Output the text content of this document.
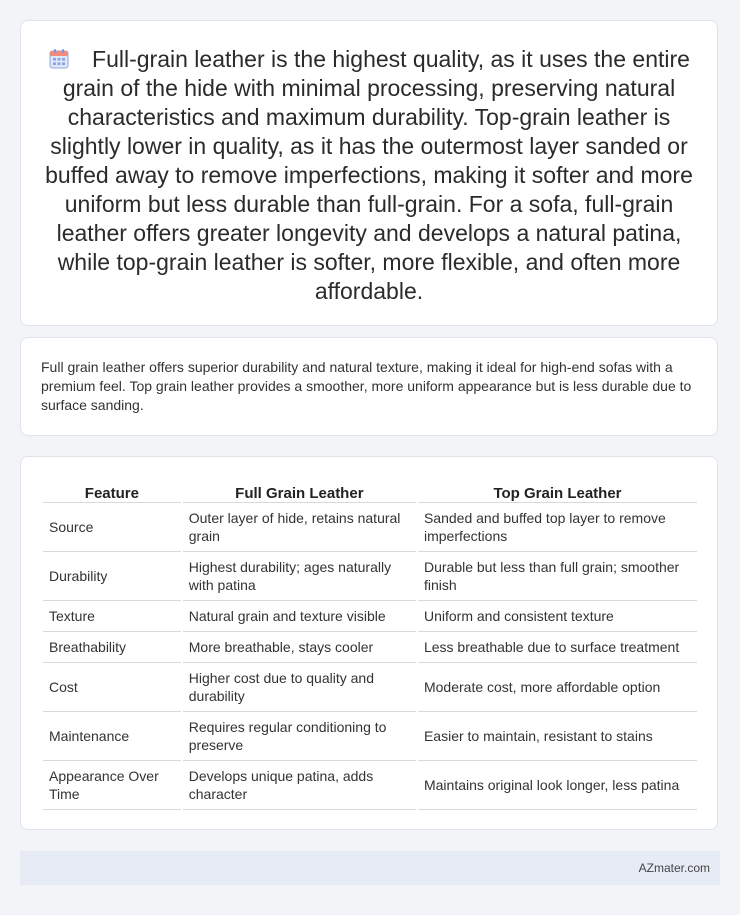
Full-grain leather is the highest quality, as it uses the entire grain of the hide with minimal processing, preserving natural characteristics and maximum durability. Top-grain leather is slightly lower in quality, as it has the outermost layer sanded or buffed away to remove imperfections, making it softer and more uniform but less durable than full-grain. For a sofa, full-grain leather offers greater longevity and develops a natural patina, while top-grain leather is softer, more flexible, and often more affordable.

Full grain leather offers superior durability and natural texture, making it ideal for high-end sofas with a premium feel. Top grain leather provides a smoother, more uniform appearance but is less durable due to surface sanding.

Feature	Full Grain Leather	Top Grain Leather
Source	Outer layer of hide, retains natural grain	Sanded and buffed top layer to remove imperfections
Durability	Highest durability; ages naturally with patina	Durable but less than full grain; smoother finish
Texture	Natural grain and texture visible	Uniform and consistent texture
Breathability	More breathable, stays cooler	Less breathable due to surface treatment
Cost	Higher cost due to quality and durability	Moderate cost, more affordable option
Maintenance	Requires regular conditioning to preserve	Easier to maintain, resistant to stains
Appearance Over Time	Develops unique patina, adds character	Maintains original look longer, less patina
AZmater.com
